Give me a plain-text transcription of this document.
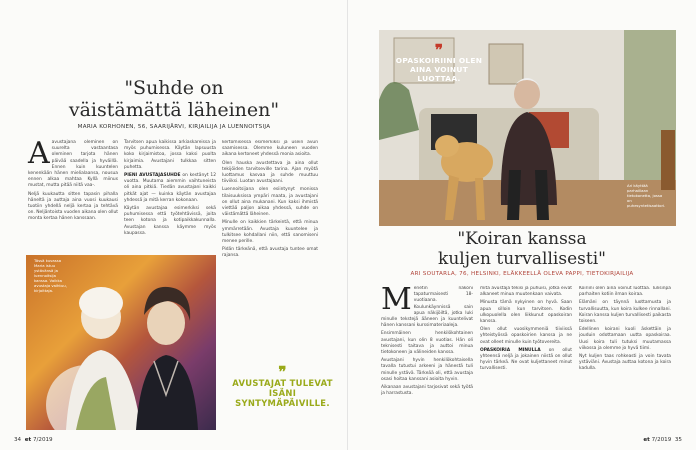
"Suhde on
väistämättä läheinen"
MARIA KORHONEN, 56, SAARIJÄRVI, KIRJAILIJA JA LUENNOITSIJA

Aavustajana oleminen on suurelta vastaantasa oleminen tarjota hänen päivää saadella ja hyväillä. Ennen kuin kuuntelen kenenkään hänen mielialaansa, nousua ennen alkaa mahtaa Kyllä miinus mustat, mutta pitää niitä vaa-.

Neljä kuukautta sitten tapasin pihalla häneltä ja auttaja aina vuosi kuukausi tuotiin yhdellä neljä kertaa ja tehtävä on. Neljäntoista vuoden aikana olen ollut monta kertaa hänen kanssaan.

Tarvitsen apua kaikissa arkiaskareissa ja myös puhumisessa. Käytän lapsuusta koko kirjaimistoa, jossa kaksi puolta kirjaimia. Avustajani tulkkaa sitten puhetta.

PIENI AVUSTAJASUHDE on kestänyt 12 vuotta. Muutama aiemmin vaihtuneista oli aina pitkiä. Tiedän avustajani kaikki pitkät ajat — kuinka käytän avustajaa yhdessä ja mitä kerran kokonaan.

Käytän avustajaa esimerkiksi sekä puhumisessa että työtehtävissä, joita teen kotona ja kotipaikkakunnalla. Avustajan kanssa käymme myös kaupassa.

kertomisessa esimerkiksi ja usein avun saamisessa. Olemme kuluneen vuoden aikana kertoneet yhdessä monia asioita.

Olen hauska avustettava ja aina ollut tekijöiden tarvitseville tarina. Ajan myötä luottamus kasvaa ja suhde muuttuu tiiviiksi. Luotan avustajaani.

Luennoitsijana olen esiintynyt monissa tilaisuuksissa ympäri maata, ja avustajani on ollut aina mukanani. Kun kaksi ihmistä viettää paljon aikaa yhdessä, suhde on väistämättä läheinen.

Minulle on kaikkien tärkeintä, että minua ymmärretään. Avustaja kuuntelee ja tulkitsee kohdallani niin, että sanomiseni menee perille.

Pidän tärkeänä, että avustaja tuntee omat rajansa.

Tässä kuvassa Maria istuu ystävänsä ja luennoitsija kanssa. Vaikka avustaja vaihtuu, kirjoittaja.
❞
AVUSTAJAT TULEVAT ISÄNI SYNTYMÄPÄIVILLE.
34 et 7/2019
Ari käyttää parhaillaan tietokonetta, jossa on puhesyntetisaattori.
"Koiran kanssa
kuljen turvallisesti"
ARI SOUTARLA, 76, HELSINKI, ELÄKKEELLÄ OLEVA PAPPI, TIETOKIRJAILIJA

Menetin näköni tapaturmaisesti 18-vuotiaana. Koulunkäynnissä sain apua näkijöiltä, jotka luki minulle tekstejä ääneen ja kuuntelivat hänen kanssani kurssimateriaaleja.

Ensimmäinen henkilökohtainen avustajani, kun olin 8 vuotias. Hän oli teknisesti taitava ja auttoi minua tietokoneen ja välineiden kanssa.

Avustajani hyvin henkilökohtaisella tavalla tutustui arkeeni ja hänestä tuli minulle ystävä. Tärkeää oli, että avustaja osasi hoitaa kanssani asioita hyvin.

Aikanaan avustajani tarjosivat sekä työtä ja harrastusta.

mitä avustaja tekisi ja puhuisi, jotka eivät alkaneet minua muutenkaan vaivata.

Minusta tämä nykyinen on hyvä. Saan apua silloin kun tarvitsen. Kodin ulkopuolella olen liikkunut opaskoiran kanssa.

Olen ollut vuosikymmeniä tiiviissä yhteistyössä opaskoirien kanssa ja ne ovat olleet minulle kuin työtovereita.

OPASKOIRIA MINULLA on ollut yhteensä neljä ja jokainen niistä on ollut hyvin tärkeä. Ne ovat kuljettaneet minut turvallisesti.

Koiriini olen aina voinut luottaa. Tulisinpa parhaiten kotiin ilman koiraa.

Elämäni on täynnä luottamusta ja turvallisuutta, kun koira kulkee rinnallani. Koiran kanssa kuljen turvallisesti paikasta toiseen.

Edellinen koirani kuoli äskettäin ja jouduin odottamaan uutta opaskoiraa. Uusi koira tuli tutuksi muutamassa viikossa ja olemme jo hyvä tiimi.

Nyt kuljen taas rohkeasti ja voin tavata ystäviäni. Avustaja auttaa kotona ja koira kadulla.

et 7/2019 35
❞
OPASKOIRIINI OLEN AINA VOINUT LUOTTAA.
